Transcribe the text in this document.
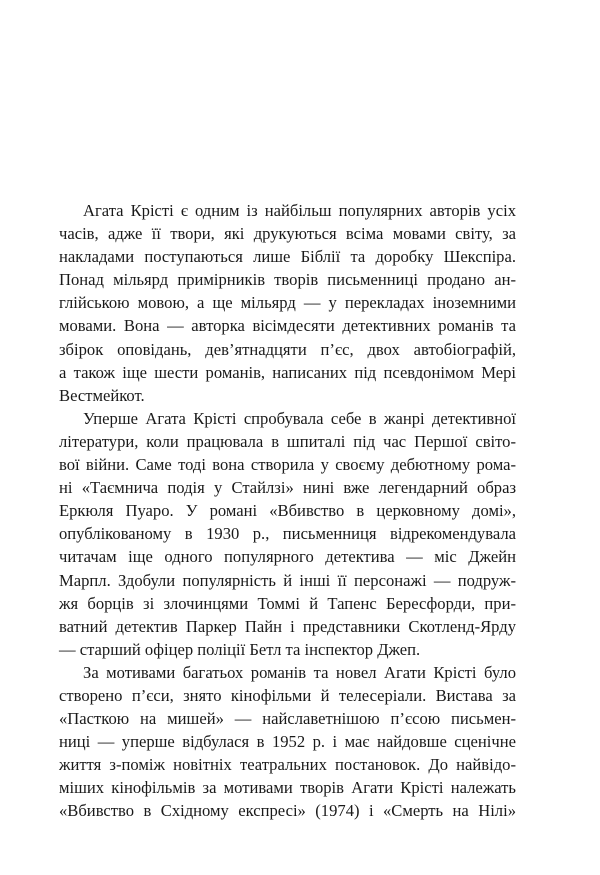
Агата Крісті є одним із найбільш популярних авторів усіх
часів, адже її твори, які друкуються всіма мовами світу, за
накладами поступаються лише Біблії та доробку Шекспіра.
Понад мільярд примірників творів письменниці продано ан-
глійською мовою, а ще мільярд — у перекладах іноземними
мовами. Вона — авторка вісімдесяти детективних романів та
збірок оповідань, дев’ятнадцяти п’єс, двох автобіографій,
а також іще шести романів, написаних під псевдонімом Мері
Вестмейкот.
Уперше Агата Крісті спробувала себе в жанрі детективної
літератури, коли працювала в шпиталі під час Першої світо-
вої війни. Саме тоді вона створила у своєму дебютному рома-
ні «Таємнича подія у Стайлзі» нині вже легендарний образ
Еркюля Пуаро. У романі «Вбивство в церковному домі»,
опублікованому в 1930 р., письменниця відрекомендувала
читачам іще одного популярного детектива — міс Джейн
Марпл. Здобули популярність й інші її персонажі — подруж-
жя борців зі злочинцями Томмі й Тапенс Бересфорди, при-
ватний детектив Паркер Пайн і представники Скотленд-Ярду
— старший офіцер поліції Бетл та інспектор Джеп.
За мотивами багатьох романів та новел Агати Крісті було
створено п’єси, знято кінофільми й телесеріали. Вистава за
«Пасткою на мишей» — найславетнішою п’єсою письмен-
ниці — уперше відбулася в 1952 р. і має найдовше сценічне
життя з-поміж новітніх театральних постановок. До найвідо-
міших кінофільмів за мотивами творів Агати Крісті належать
«Вбивство в Східному експресі» (1974) і «Смерть на Нілі»
